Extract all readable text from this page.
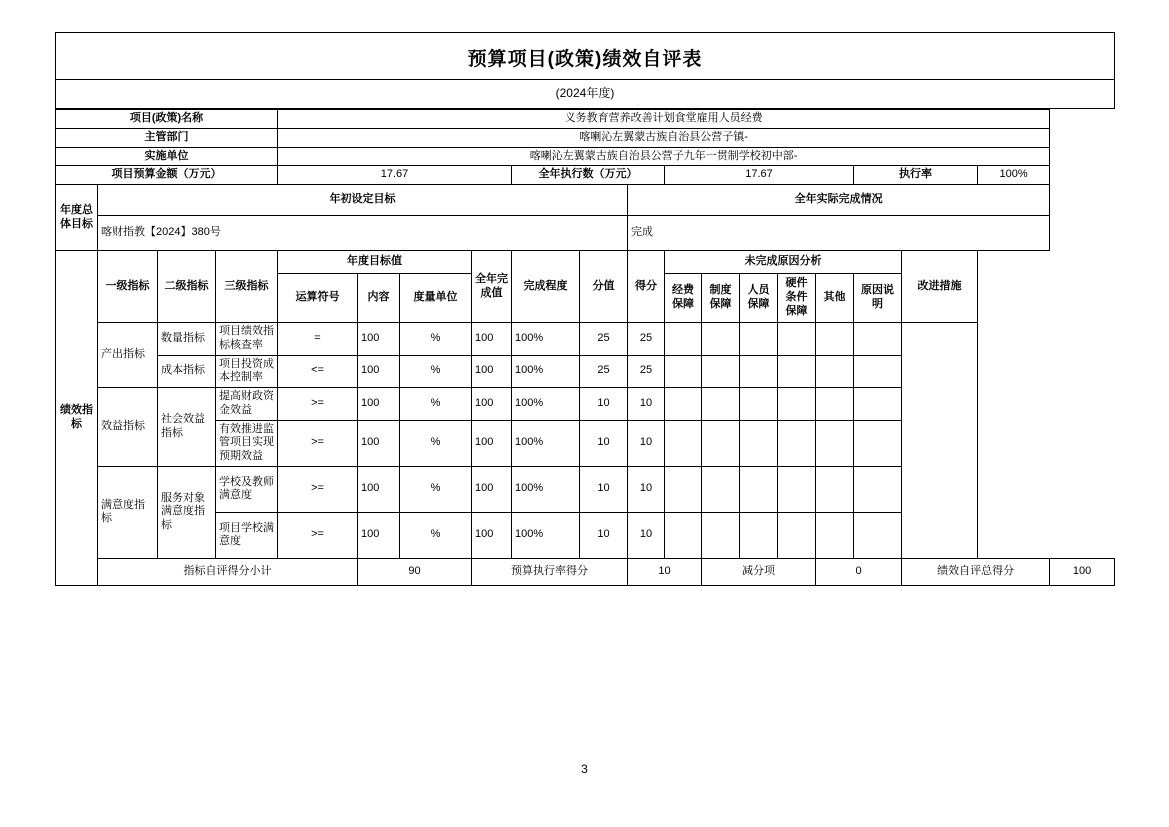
预算项目(政策)绩效自评表
(2024年度)
项目(政策)名称				义务教育营养改善计划食堂雇用人员经费															
主管部门				喀喇沁左翼蒙古族自治县公营子镇-															
实施单位				喀喇沁左翼蒙古族自治县公营子九年一贯制学校初中部-															
项目预算金额（万元）				17.67				全年执行数（万元）			17.67					执行率		100%	
年度总体目标	年初设定目标									全年实际完成情况									
	喀财指教【2024】380号									完成									
绩效指标	一级指标	二级指标	三级指标	年度目标值			全年完成值	完成程度	分值	得分	未完成原因分析						改进措施		
				运算符号	内容	度量单位					经费保障	制度保障	人员保障	硬件条件保障	其他	原因说明			
	产出指标	数量指标	项目绩效指标核查率	=	100	%	100	100%	25	25									
		成本指标	项目投资成本控制率	<=	100	%	100	100%	25	25									
	效益指标	社会效益指标	提高财政资金效益	>=	100	%	100	100%	10	10									
			有效推进监管项目实现预期效益	>=	100	%	100	100%	10	10									
	满意度指标	服务对象满意度指标	学校及教师满意度	>=	100	%	100	100%	10	10									
			项目学校满意度	>=	100	%	100	100%	10	10									
	指标自评得分小计				90		预算执行率得分			10		减分项			0		绩效自评总得分		100
3
